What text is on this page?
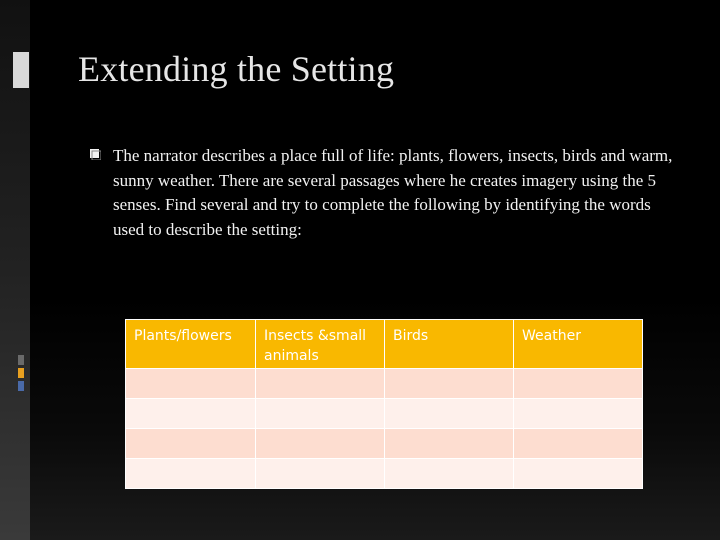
Extending the Setting
The narrator describes a place full of life: plants, flowers, insects, birds and warm, sunny weather. There are several passages where he creates imagery using the 5 senses. Find several and try to complete the following by identifying the words used to describe the setting:
Plants/flowers	Insects &small animals	Birds	Weather
